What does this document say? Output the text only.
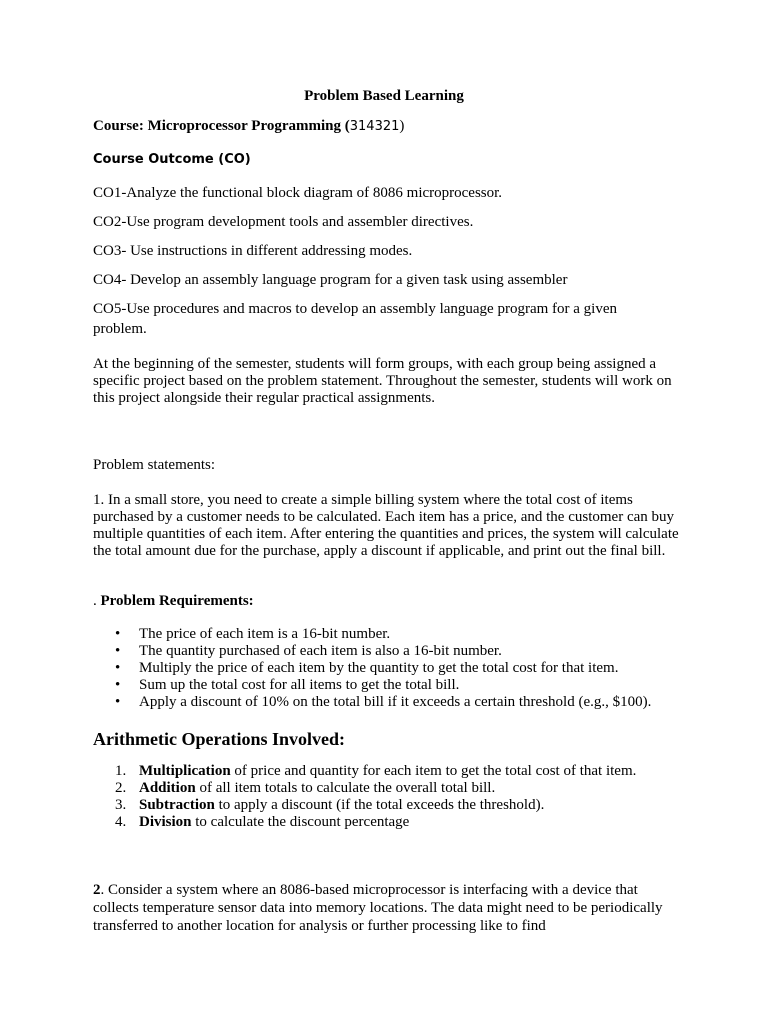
Problem Based Learning

Course: Microprocessor Programming (314321)

Course Outcome (CO)

CO1-Analyze the functional block diagram of 8086 microprocessor.

CO2-Use program development tools and assembler directives.

CO3- Use instructions in different addressing modes.

CO4- Develop an assembly language program for a given task using assembler

CO5-Use procedures and macros to develop an assembly language program for a given problem.

At the beginning of the semester, students will form groups, with each group being assigned a specific project based on the problem statement. Throughout the semester, students will work on this project alongside their regular practical assignments.

Problem statements:

1. In a small store, you need to create a simple billing system where the total cost of items purchased by a customer needs to be calculated. Each item has a price, and the customer can buy multiple quantities of each item. After entering the quantities and prices, the system will calculate the total amount due for the purchase, apply a discount if applicable, and print out the final bill.

. Problem Requirements:

• The price of each item is a 16-bit number.
• The quantity purchased of each item is also a 16-bit number.
• Multiply the price of each item by the quantity to get the total cost for that item.
• Sum up the total cost for all items to get the total bill.
• Apply a discount of 10% on the total bill if it exceeds a certain threshold (e.g., $100).

Arithmetic Operations Involved:

1. Multiplication of price and quantity for each item to get the total cost of that item.
2. Addition of all item totals to calculate the overall total bill.
3. Subtraction to apply a discount (if the total exceeds the threshold).
4. Division to calculate the discount percentage

2. Consider a system where an 8086-based microprocessor is interfacing with a device that collects temperature sensor data into memory locations. The data might need to be periodically transferred to another location for analysis or further processing like to find
